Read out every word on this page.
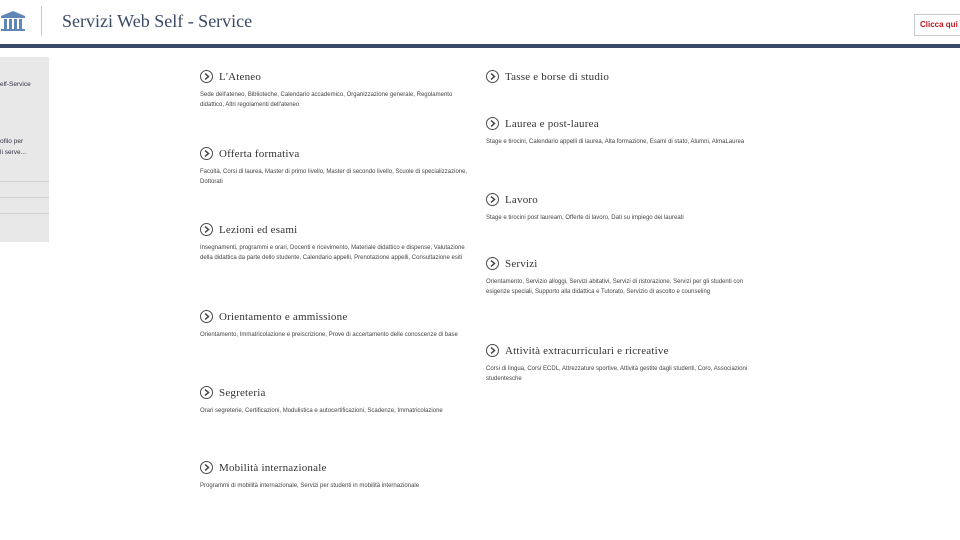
Servizi Web Self - Service	Clicca qui
elf-Service
ofilo per
li serve...
L'Ateneo
Sede dell'ateneo, Biblioteche, Calendario accademico, Organizzazione generale, Regolamento didattico, Altri regolamenti dell'ateneo
Offerta formativa
Facoltà, Corsi di laurea, Master di primo livello, Master di secondo livello, Scuole di specializzazione, Dottorati
Lezioni ed esami
Insegnamenti, programmi e orari, Docenti e ricevimento, Materiale didattico e dispense, Valutazione della didattica da parte dello studente, Calendario appelli, Prenotazione appelli, Consultazione esiti
Orientamento e ammissione
Orientamento, Immatricolazione e preiscrizione, Prove di accertamento delle conoscenze di base
Segreteria
Orari segreterie, Certificazioni, Modulistica e autocertificazioni, Scadenze, Immatricolazione
Mobilità internazionale
Programmi di mobilità internazionale, Servizi per studenti in mobilità internazionale
Tasse e borse di studio
Laurea e post-laurea
Stage e tirocini, Calendario appelli di laurea, Alta formazione, Esami di stato, Alumni, AlmaLaurea
Lavoro
Stage e tirocini post lauream, Offerte di lavoro, Dati su impiego dei laureati
Servizi
Orientamento, Servizio alloggi, Servizi abitativi, Servizi di ristorazione, Servizi per gli studenti con esigenze speciali, Supporto alla didattica e Tutorato, Servizio di ascolto e counseling
Attività extracurriculari e ricreative
Corsi di lingua, Corsi ECDL, Attrezzature sportive, Attività gestite dagli studenti, Coro, Associazioni studentesche
